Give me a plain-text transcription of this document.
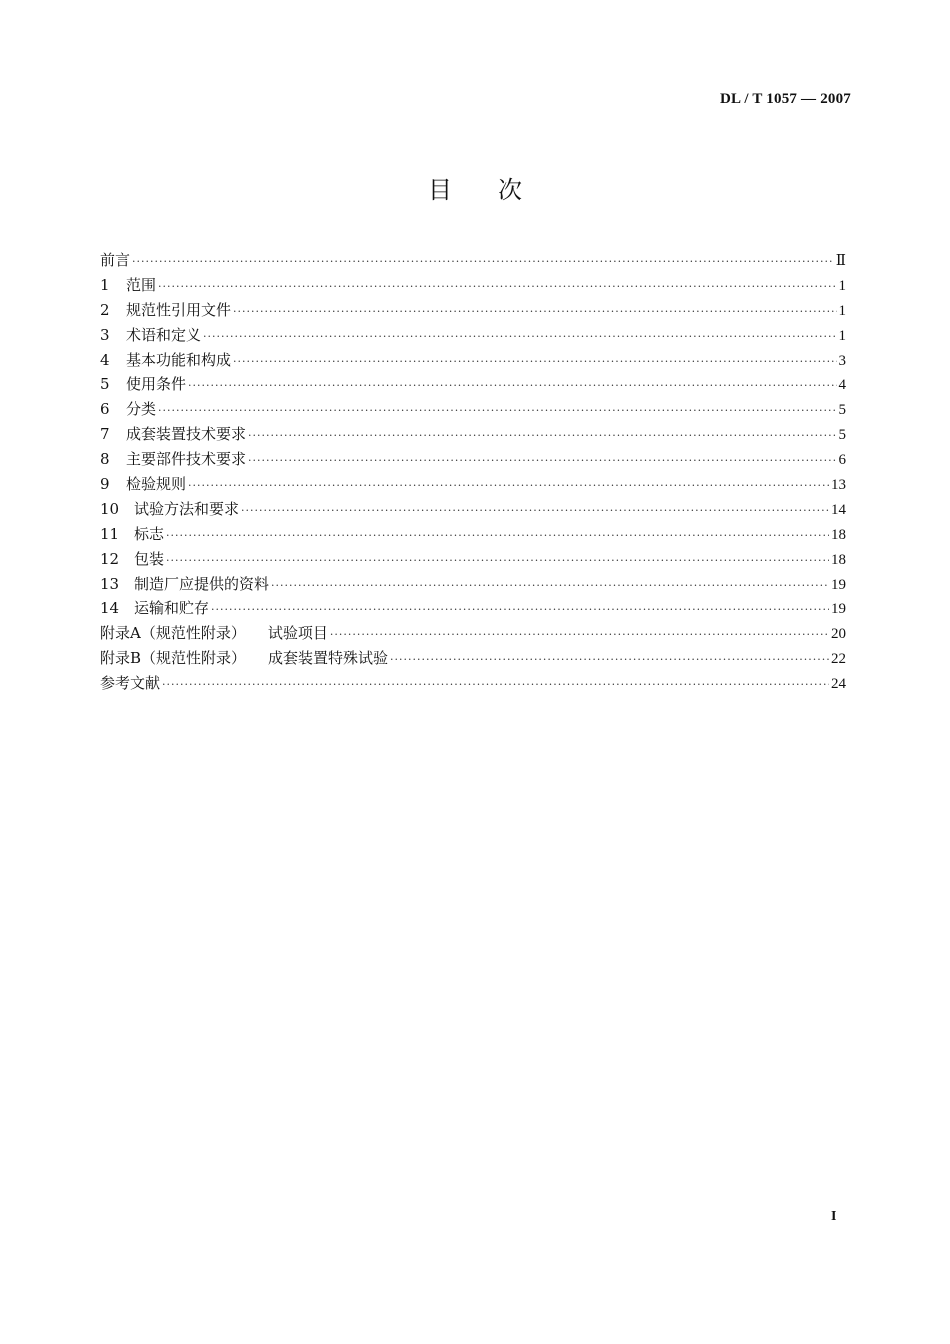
DL / T 1057 — 2007
目次
前言 ·····	Ⅱ
1 范围 ·····	1
2 规范性引用文件 ·····	1
3 术语和定义 ·····	1
4 基本功能和构成 ·····	3
5 使用条件 ·····	4
6 分类 ·····	5
7 成套装置技术要求 ·····	5
8 主要部件技术要求 ·····	6
9 检验规则 ·····	13
10 试验方法和要求 ·····	14
11 标志 ·····	18
12 包装 ·····	18
13 制造厂应提供的资料 ·····	19
14 运输和贮存 ·····	19
附录A（规范性附录） 试验项目 ·····	20
附录B（规范性附录） 成套装置特殊试验 ·····	22
参考文献 ·····	24
I
